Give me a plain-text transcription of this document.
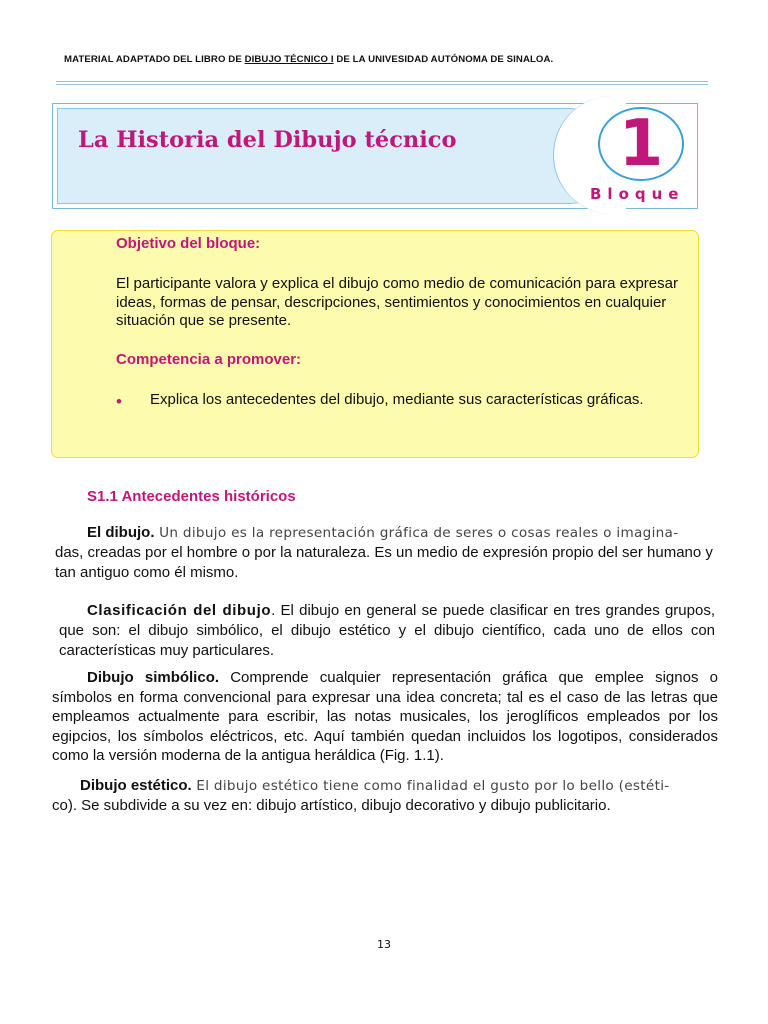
MATERIAL ADAPTADO DEL LIBRO DE DIBUJO TÉCNICO I DE LA UNIVESIDAD AUTÓNOMA DE SINALOA.
La Historia del Dibujo técnico	1
Bloque
Objetivo del bloque:
El participante valora y explica el dibujo como medio de comunicación para expresar ideas, formas de pensar, descripciones, sentimientos y conocimientos en cualquier situación que se presente.
Competencia a promover:
• Explica los antecedentes del dibujo, mediante sus características gráficas.
S1.1 Antecedentes históricos
El dibujo. Un dibujo es la representación gráfica de seres o cosas reales o imagina-
das, creadas por el hombre o por la naturaleza. Es un medio de expresión propio del ser humano y tan antiguo como él mismo.
Clasificación del dibujo. El dibujo en general se puede clasificar en tres grandes grupos, que son: el dibujo simbólico, el dibujo estético y el dibujo científico, cada uno de ellos con características muy particulares.
Dibujo simbólico. Comprende cualquier representación gráfica que emplee signos o símbolos en forma convencional para expresar una idea concreta; tal es el caso de las letras que empleamos actualmente para escribir, las notas musicales, los jeroglíficos empleados por los egipcios, los símbolos eléctricos, etc. Aquí también quedan incluidos los logotipos, considerados como la versión moderna de la antigua heráldica (Fig. 1.1).
Dibujo estético. El dibujo estético tiene como finalidad el gusto por lo bello (estéti-
co). Se subdivide a su vez en: dibujo artístico, dibujo decorativo y dibujo publicitario.
13
